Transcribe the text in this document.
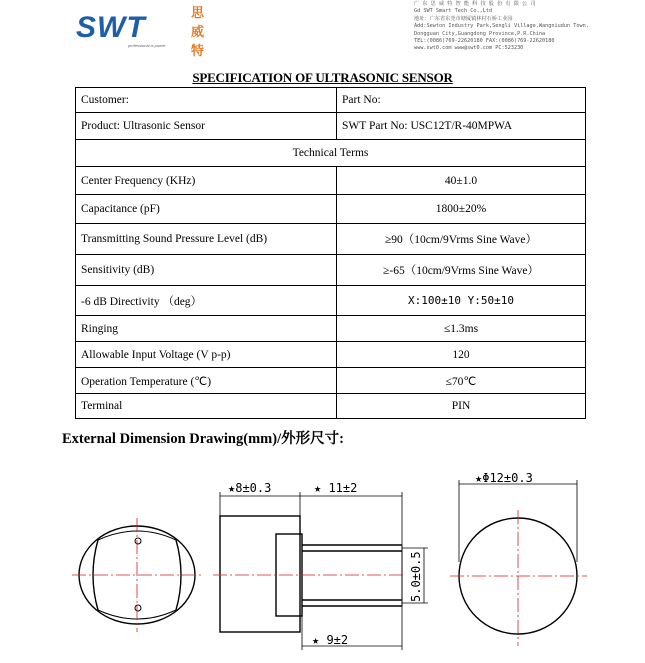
思威特
SWT
professional is power
广 东 思 威 特 智 能 科 技 股 份 有 限 公 司
Gd SWT Smart Tech Co.,Ltd
地址：广东省东莞市塘厦镇林村石桥工业园
Add:Sewton Industry Park,Sengli Village,Wangniudun Town,
Dongguan City,Guangdong Province,P.R.China
TEL:(0086)769-22620180 FAX:(0086)769-22620180
www.swt0.com www@swt0.com PC:523230
SPECIFICATION OF ULTRASONIC SENSOR
Customer:	Part No:
Product: Ultrasonic Sensor	SWT Part No: USC12T/R-40MPWA
Technical Terms	
Center Frequency (KHz)	40±1.0
Capacitance (pF)	1800±20%
Transmitting Sound Pressure Level (dB)	≥90（10cm/9Vrms Sine Wave）
Sensitivity (dB)	≥-65（10cm/9Vrms Sine Wave）
-6 dB Directivity （deg）	X:100±10 Y:50±10
Ringing	≤1.3ms
Allowable Input Voltage (V p-p)	120
Operation Temperature (℃)	≤70℃
Terminal	PIN
External Dimension Drawing(mm)/外形尺寸:
★8±0.3	★ 11±2
★ 9±2
5.0±0.5
★Φ12±0.3
